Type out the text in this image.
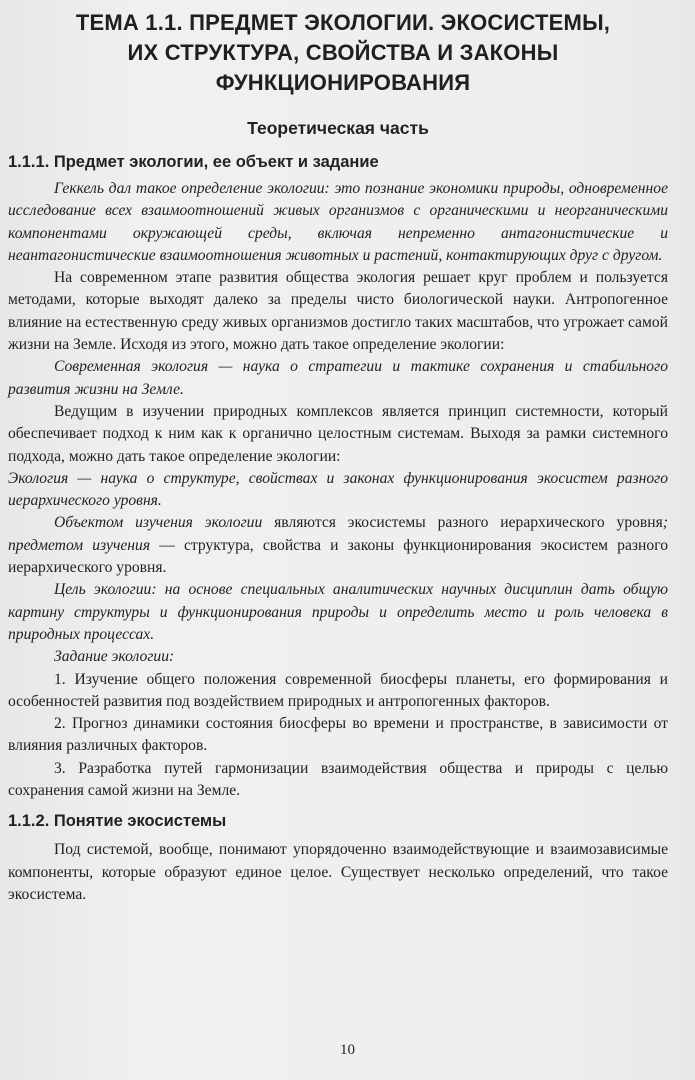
ТЕМА 1.1. ПРЕДМЕТ ЭКОЛОГИИ. ЭКОСИСТЕМЫ,
ИХ СТРУКТУРА, СВОЙСТВА И ЗАКОНЫ
ФУНКЦИОНИРОВАНИЯ
Теоретическая часть
1.1.1. Предмет экологии, ее объект и задание

Геккель дал такое определение экологии: это познание экономики природы, одновременное исследование всех взаимоотношений живых организмов с органическими и неорганическими компонентами окружающей среды, включая непременно антагонистические и неантагонистические взаимоотношения животных и растений, контактирующих друг с другом.

На современном этапе развития общества экология решает круг проблем и пользуется методами, которые выходят далеко за пределы чисто биологической науки. Антропогенное влияние на естественную среду живых организмов достигло таких масштабов, что угрожает самой жизни на Земле. Исходя из этого, можно дать такое определение экологии:

Современная экология — наука о стратегии и тактике сохранения и стабильного развития жизни на Земле.

Ведущим в изучении природных комплексов является принцип системности, который обеспечивает подход к ним как к органично целостным системам. Выходя за рамки системного подхода, можно дать такое определение экологии:

Экология — наука о структуре, свойствах и законах функционирования экосистем разного иерархического уровня.

Объектом изучения экологии являются экосистемы разного иерархического уровня; предметом изучения — структура, свойства и законы функционирования экосистем разного иерархического уровня.

Цель экологии: на основе специальных аналитических научных дисциплин дать общую картину структуры и функционирования природы и определить место и роль человека в природных процессах.

Задание экологии:

1. Изучение общего положения современной биосферы планеты, его формирования и особенностей развития под воздействием природных и антропогенных факторов.

2. Прогноз динамики состояния биосферы во времени и пространстве, в зависимости от влияния различных факторов.

3. Разработка путей гармонизации взаимодействия общества и природы с целью сохранения самой жизни на Земле.

1.1.2. Понятие экосистемы

Под системой, вообще, понимают упорядоченно взаимодействующие и взаимозависимые компоненты, которые образуют единое целое. Существует несколько определений, что такое экосистема.

10
